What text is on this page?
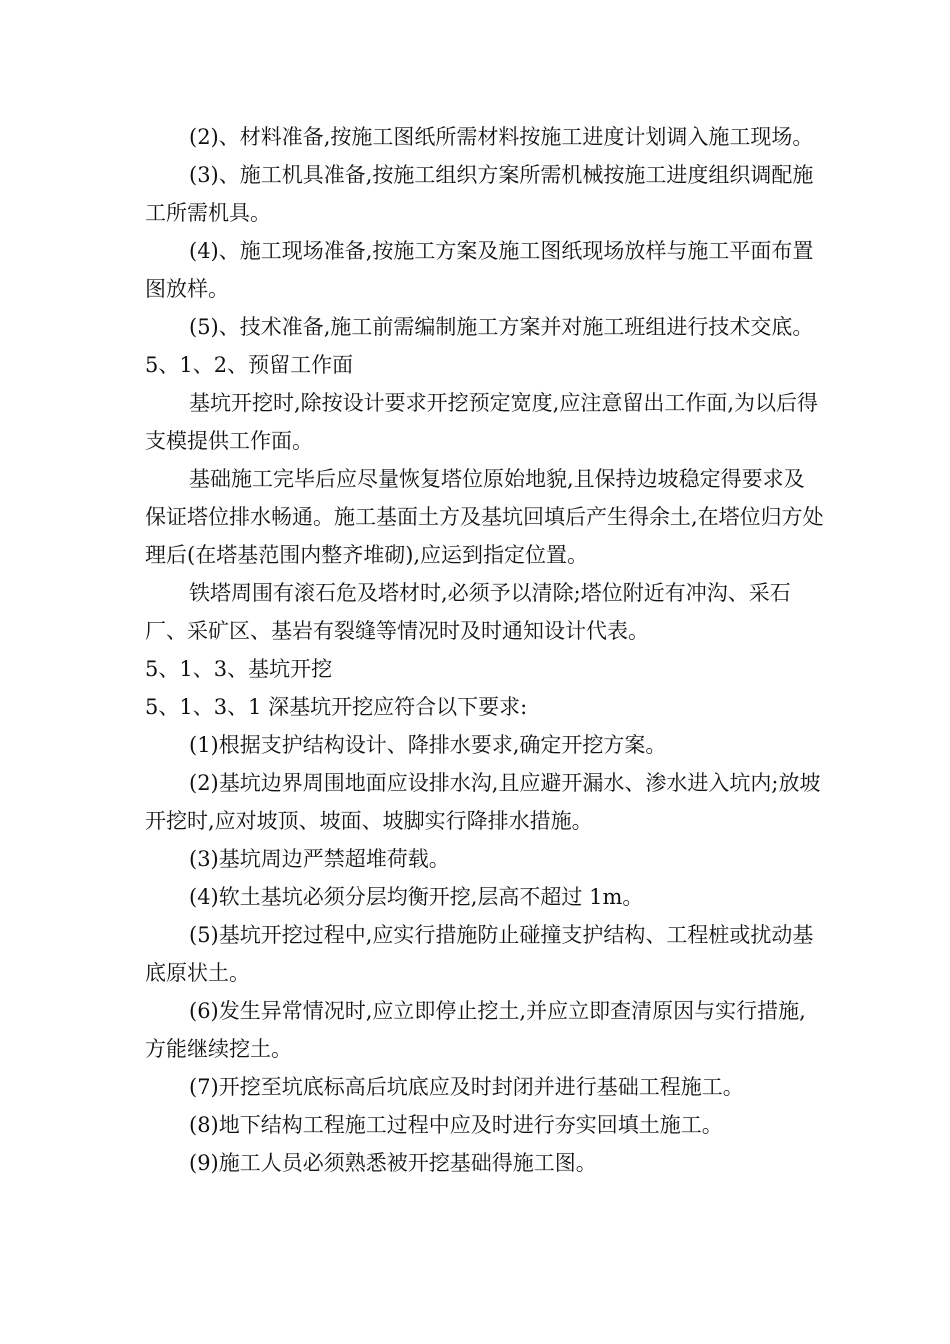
(2)、材料准备,按施工图纸所需材料按施工进度计划调入施工现场。

(3)、施工机具准备,按施工组织方案所需机械按施工进度组织调配施工所需机具。

(4)、施工现场准备,按施工方案及施工图纸现场放样与施工平面布置图放样。

(5)、技术准备,施工前需编制施工方案并对施工班组进行技术交底。

5、1、2、预留工作面

基坑开挖时,除按设计要求开挖预定宽度,应注意留出工作面,为以后得支模提供工作面。

基础施工完毕后应尽量恢复塔位原始地貌,且保持边坡稳定得要求及保证塔位排水畅通。施工基面土方及基坑回填后产生得余土,在塔位归方处理后(在塔基范围内整齐堆砌),应运到指定位置。

铁塔周围有滚石危及塔材时,必须予以清除;塔位附近有冲沟、采石厂、采矿区、基岩有裂缝等情况时及时通知设计代表。

5、1、3、基坑开挖

5、1、3、1 深基坑开挖应符合以下要求:

(1)根据支护结构设计、降排水要求,确定开挖方案。

(2)基坑边界周围地面应设排水沟,且应避开漏水、渗水进入坑内;放坡开挖时,应对坡顶、坡面、坡脚实行降排水措施。

(3)基坑周边严禁超堆荷载。

(4)软土基坑必须分层均衡开挖,层高不超过 1m。

(5)基坑开挖过程中,应实行措施防止碰撞支护结构、工程桩或扰动基底原状土。

(6)发生异常情况时,应立即停止挖土,并应立即查清原因与实行措施,方能继续挖土。

(7)开挖至坑底标高后坑底应及时封闭并进行基础工程施工。

(8)地下结构工程施工过程中应及时进行夯实回填土施工。

(9)施工人员必须熟悉被开挖基础得施工图。
